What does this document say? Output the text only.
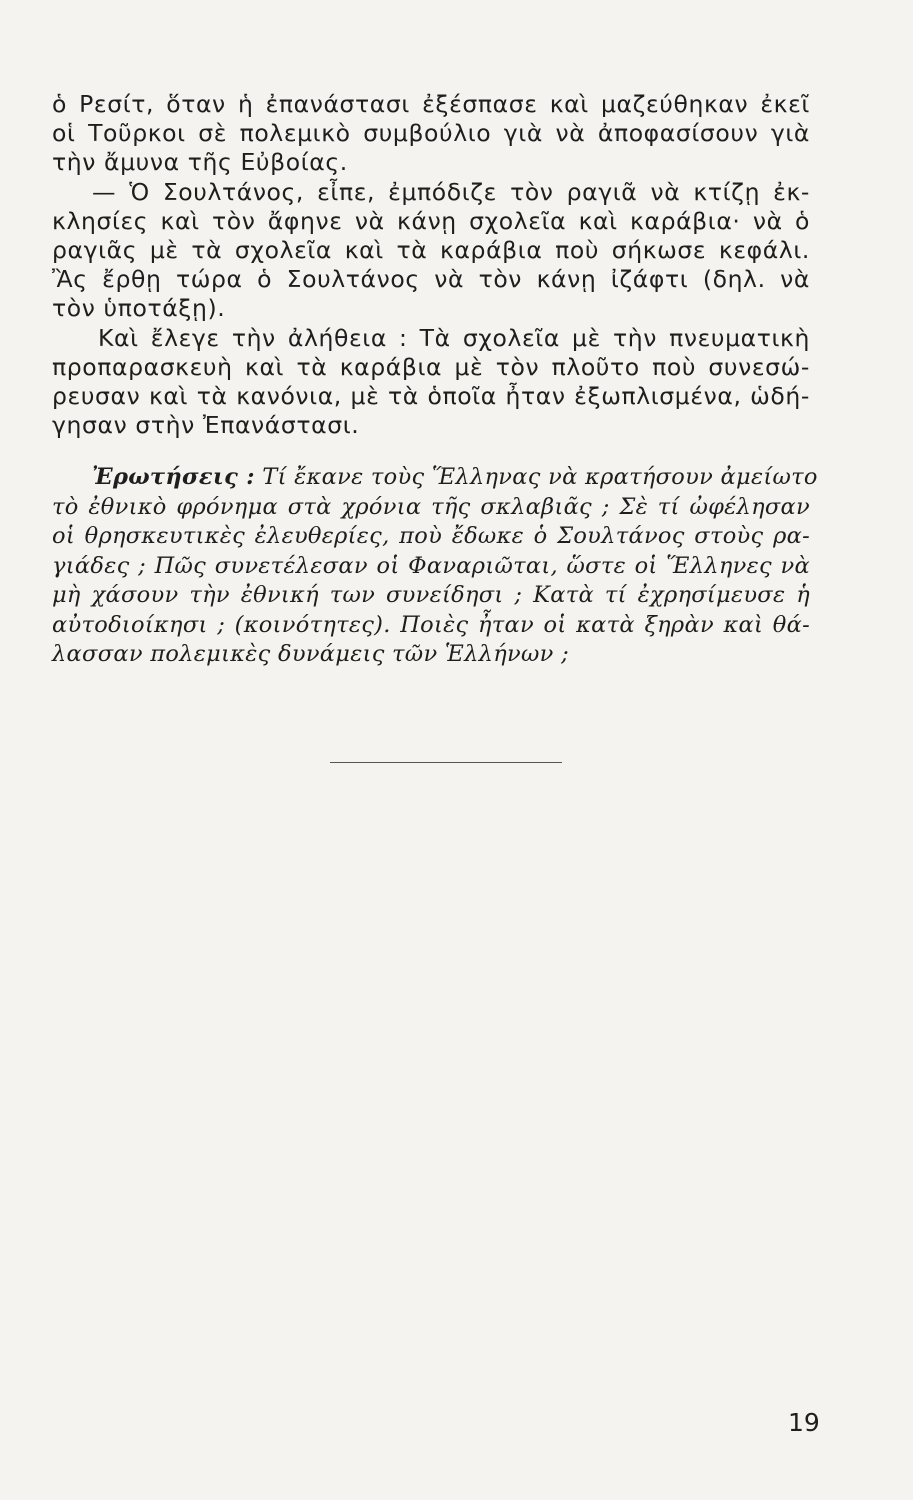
ὁ Ρεσίτ, ὅταν ἡ ἐπανάστασι ἐξέσπασε καὶ μαζεύθηκαν ἐκεῖ
οἱ Τοῦρκοι σὲ πολεμικὸ συμβούλιο γιὰ νὰ ἀποφασίσουν γιὰ
τὴν ἄμυνα τῆς Εὐβοίας.
— Ὁ Σουλτάνος, εἶπε, ἐμπόδιζε τὸν ραγιᾶ νὰ κτίζῃ ἐκ-
κλησίες καὶ τὸν ἄφηνε νὰ κάνῃ σχολεῖα καὶ καράβια· νὰ ὁ
ραγιᾶς μὲ τὰ σχολεῖα καὶ τὰ καράβια ποὺ σήκωσε κεφάλι.
Ἂς ἔρθῃ τώρα ὁ Σουλτάνος νὰ τὸν κάνῃ ἰζάφτι (δηλ. νὰ
τὸν ὑποτάξῃ).
Καὶ ἔλεγε τὴν ἀλήθεια : Τὰ σχολεῖα μὲ τὴν πνευματικὴ
προπαρασκευὴ καὶ τὰ καράβια μὲ τὸν πλοῦτο ποὺ συνεσώ-
ρευσαν καὶ τὰ κανόνια, μὲ τὰ ὁποῖα ἦταν ἐξωπλισμένα, ὡδή-
γησαν στὴν Ἐπανάστασι.
Ἐρωτήσεις : Τί ἔκανε τοὺς Ἕλληνας νὰ κρατήσουν ἀμείωτο
τὸ ἐθνικὸ φρόνημα στὰ χρόνια τῆς σκλαβιᾶς ; Σὲ τί ὠφέλησαν
οἱ θρησκευτικὲς ἐλευθερίες, ποὺ ἔδωκε ὁ Σουλτάνος στοὺς ρα-
γιάδες ; Πῶς συνετέλεσαν οἱ Φαναριῶται, ὥστε οἱ Ἕλληνες νὰ
μὴ χάσουν τὴν ἐθνική των συνείδησι ; Κατὰ τί ἐχρησίμευσε ἡ
αὐτοδιοίκησι ; (κοινότητες). Ποιὲς ἦταν οἱ κατὰ ξηρὰν καὶ θά-
λασσαν πολεμικὲς δυνάμεις τῶν Ἑλλήνων ;
19
